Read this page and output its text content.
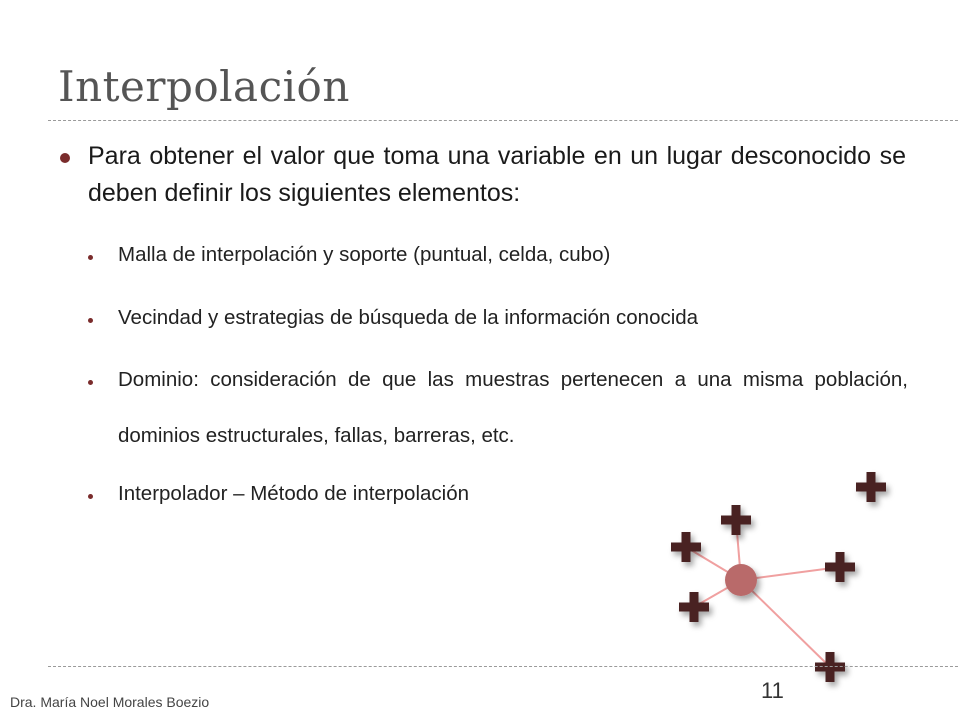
Interpolación

Para obtener el valor que toma una variable en un lugar desconocido se deben definir los siguientes elementos:

Malla de interpolación y soporte (puntual, celda, cubo)

Vecindad y estrategias de búsqueda de la información conocida

Dominio: consideración de que las muestras pertenecen a una misma población, dominios estructurales, fallas, barreras, etc.

Interpolador – Método de interpolación

Dra. María Noel Morales Boezio	11
